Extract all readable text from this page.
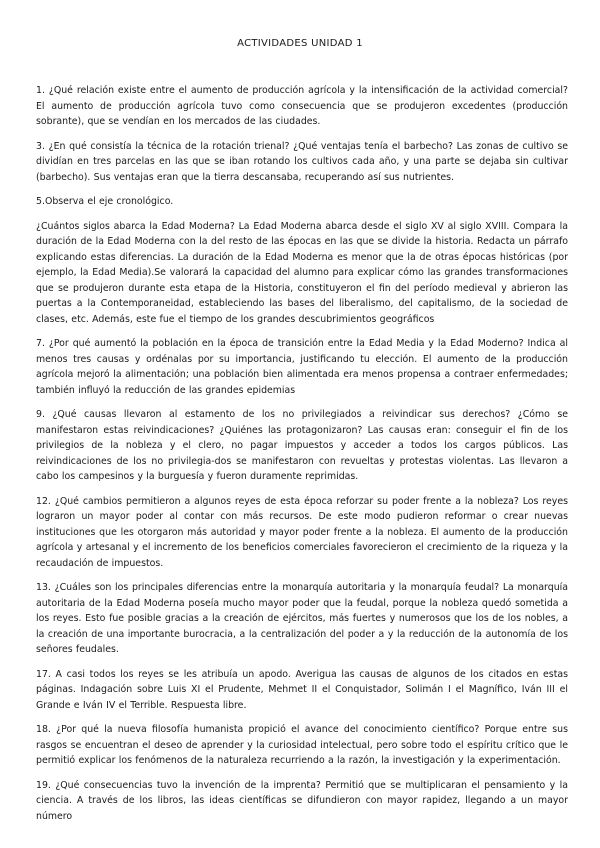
ACTIVIDADES UNIDAD 1

1. ¿Qué relación existe entre el aumento de producción agrícola y la intensificación de la actividad comercial? El aumento de producción agrícola tuvo como consecuencia que se produjeron excedentes (producción sobrante), que se vendían en los mercados de las ciudades.

3. ¿En qué consistía la técnica de la rotación trienal? ¿Qué ventajas tenía el barbecho? Las zonas de cultivo se dividían en tres parcelas en las que se iban rotando los cultivos cada año, y una parte se dejaba sin cultivar (barbecho). Sus ventajas eran que la tierra descansaba, recuperando así sus nutrientes.

5.Observa el eje cronológico.

¿Cuántos siglos abarca la Edad Moderna? La Edad Moderna abarca desde el siglo XV al siglo XVIII. Compara la duración de la Edad Moderna con la del resto de las épocas en las que se divide la historia. Redacta un párrafo explicando estas diferencias. La duración de la Edad Moderna es menor que la de otras épocas históricas (por ejemplo, la Edad Media).Se valorará la capacidad del alumno para explicar cómo las grandes transformaciones que se produjeron durante esta etapa de la Historia, constituyeron el fin del período medieval y abrieron las puertas a la Contemporaneidad, estableciendo las bases del liberalismo, del capitalismo, de la sociedad de clases, etc. Además, este fue el tiempo de los grandes descubrimientos geográficos

7. ¿Por qué aumentó la población en la época de transición entre la Edad Media y la Edad Moderno? Indica al menos tres causas y ordénalas por su importancia, justificando tu elección. El aumento de la producción agrícola mejoró la alimentación; una población bien alimentada era menos propensa a contraer enfermedades; también influyó la reducción de las grandes epidemias

9. ¿Qué causas llevaron al estamento de los no privilegiados a reivindicar sus derechos? ¿Cómo se manifestaron estas reivindicaciones? ¿Quiénes las protagonizaron? Las causas eran: conseguir el fin de los privilegios de la nobleza y el clero, no pagar impuestos y acceder a todos los cargos públicos. Las reivindicaciones de los no privilegia-dos se manifestaron con revueltas y protestas violentas. Las llevaron a cabo los campesinos y la burguesía y fueron duramente reprimidas.

12. ¿Qué cambios permitieron a algunos reyes de esta época reforzar su poder frente a la nobleza? Los reyes lograron un mayor poder al contar con más recursos. De este modo pudieron reformar o crear nuevas instituciones que les otorgaron más autoridad y mayor poder frente a la nobleza. El aumento de la producción agrícola y artesanal y el incremento de los beneficios comerciales favorecieron el crecimiento de la riqueza y la recaudación de impuestos.

13. ¿Cuáles son los principales diferencias entre la monarquía autoritaria y la monarquía feudal? La monarquía autoritaria de la Edad Moderna poseía mucho mayor poder que la feudal, porque la nobleza quedó sometida a los reyes. Esto fue posible gracias a la creación de ejércitos, más fuertes y numerosos que los de los nobles, a la creación de una importante burocracia, a la centralización del poder a y la reducción de la autonomía de los señores feudales.

17. A casi todos los reyes se les atribuía un apodo. Averigua las causas de algunos de los citados en estas páginas. Indagación sobre Luis XI el Prudente, Mehmet II el Conquistador, Solimán I el Magnífico, Iván III el Grande e Iván IV el Terrible. Respuesta libre.

18. ¿Por qué la nueva filosofía humanista propició el avance del conocimiento científico? Porque entre sus rasgos se encuentran el deseo de aprender y la curiosidad intelectual, pero sobre todo el espíritu crítico que le permitió explicar los fenómenos de la naturaleza recurriendo a la razón, la investigación y la experimentación.

19. ¿Qué consecuencias tuvo la invención de la imprenta? Permitió que se multiplicaran el pensamiento y la ciencia. A través de los libros, las ideas científicas se difundieron con mayor rapidez, llegando a un mayor número
